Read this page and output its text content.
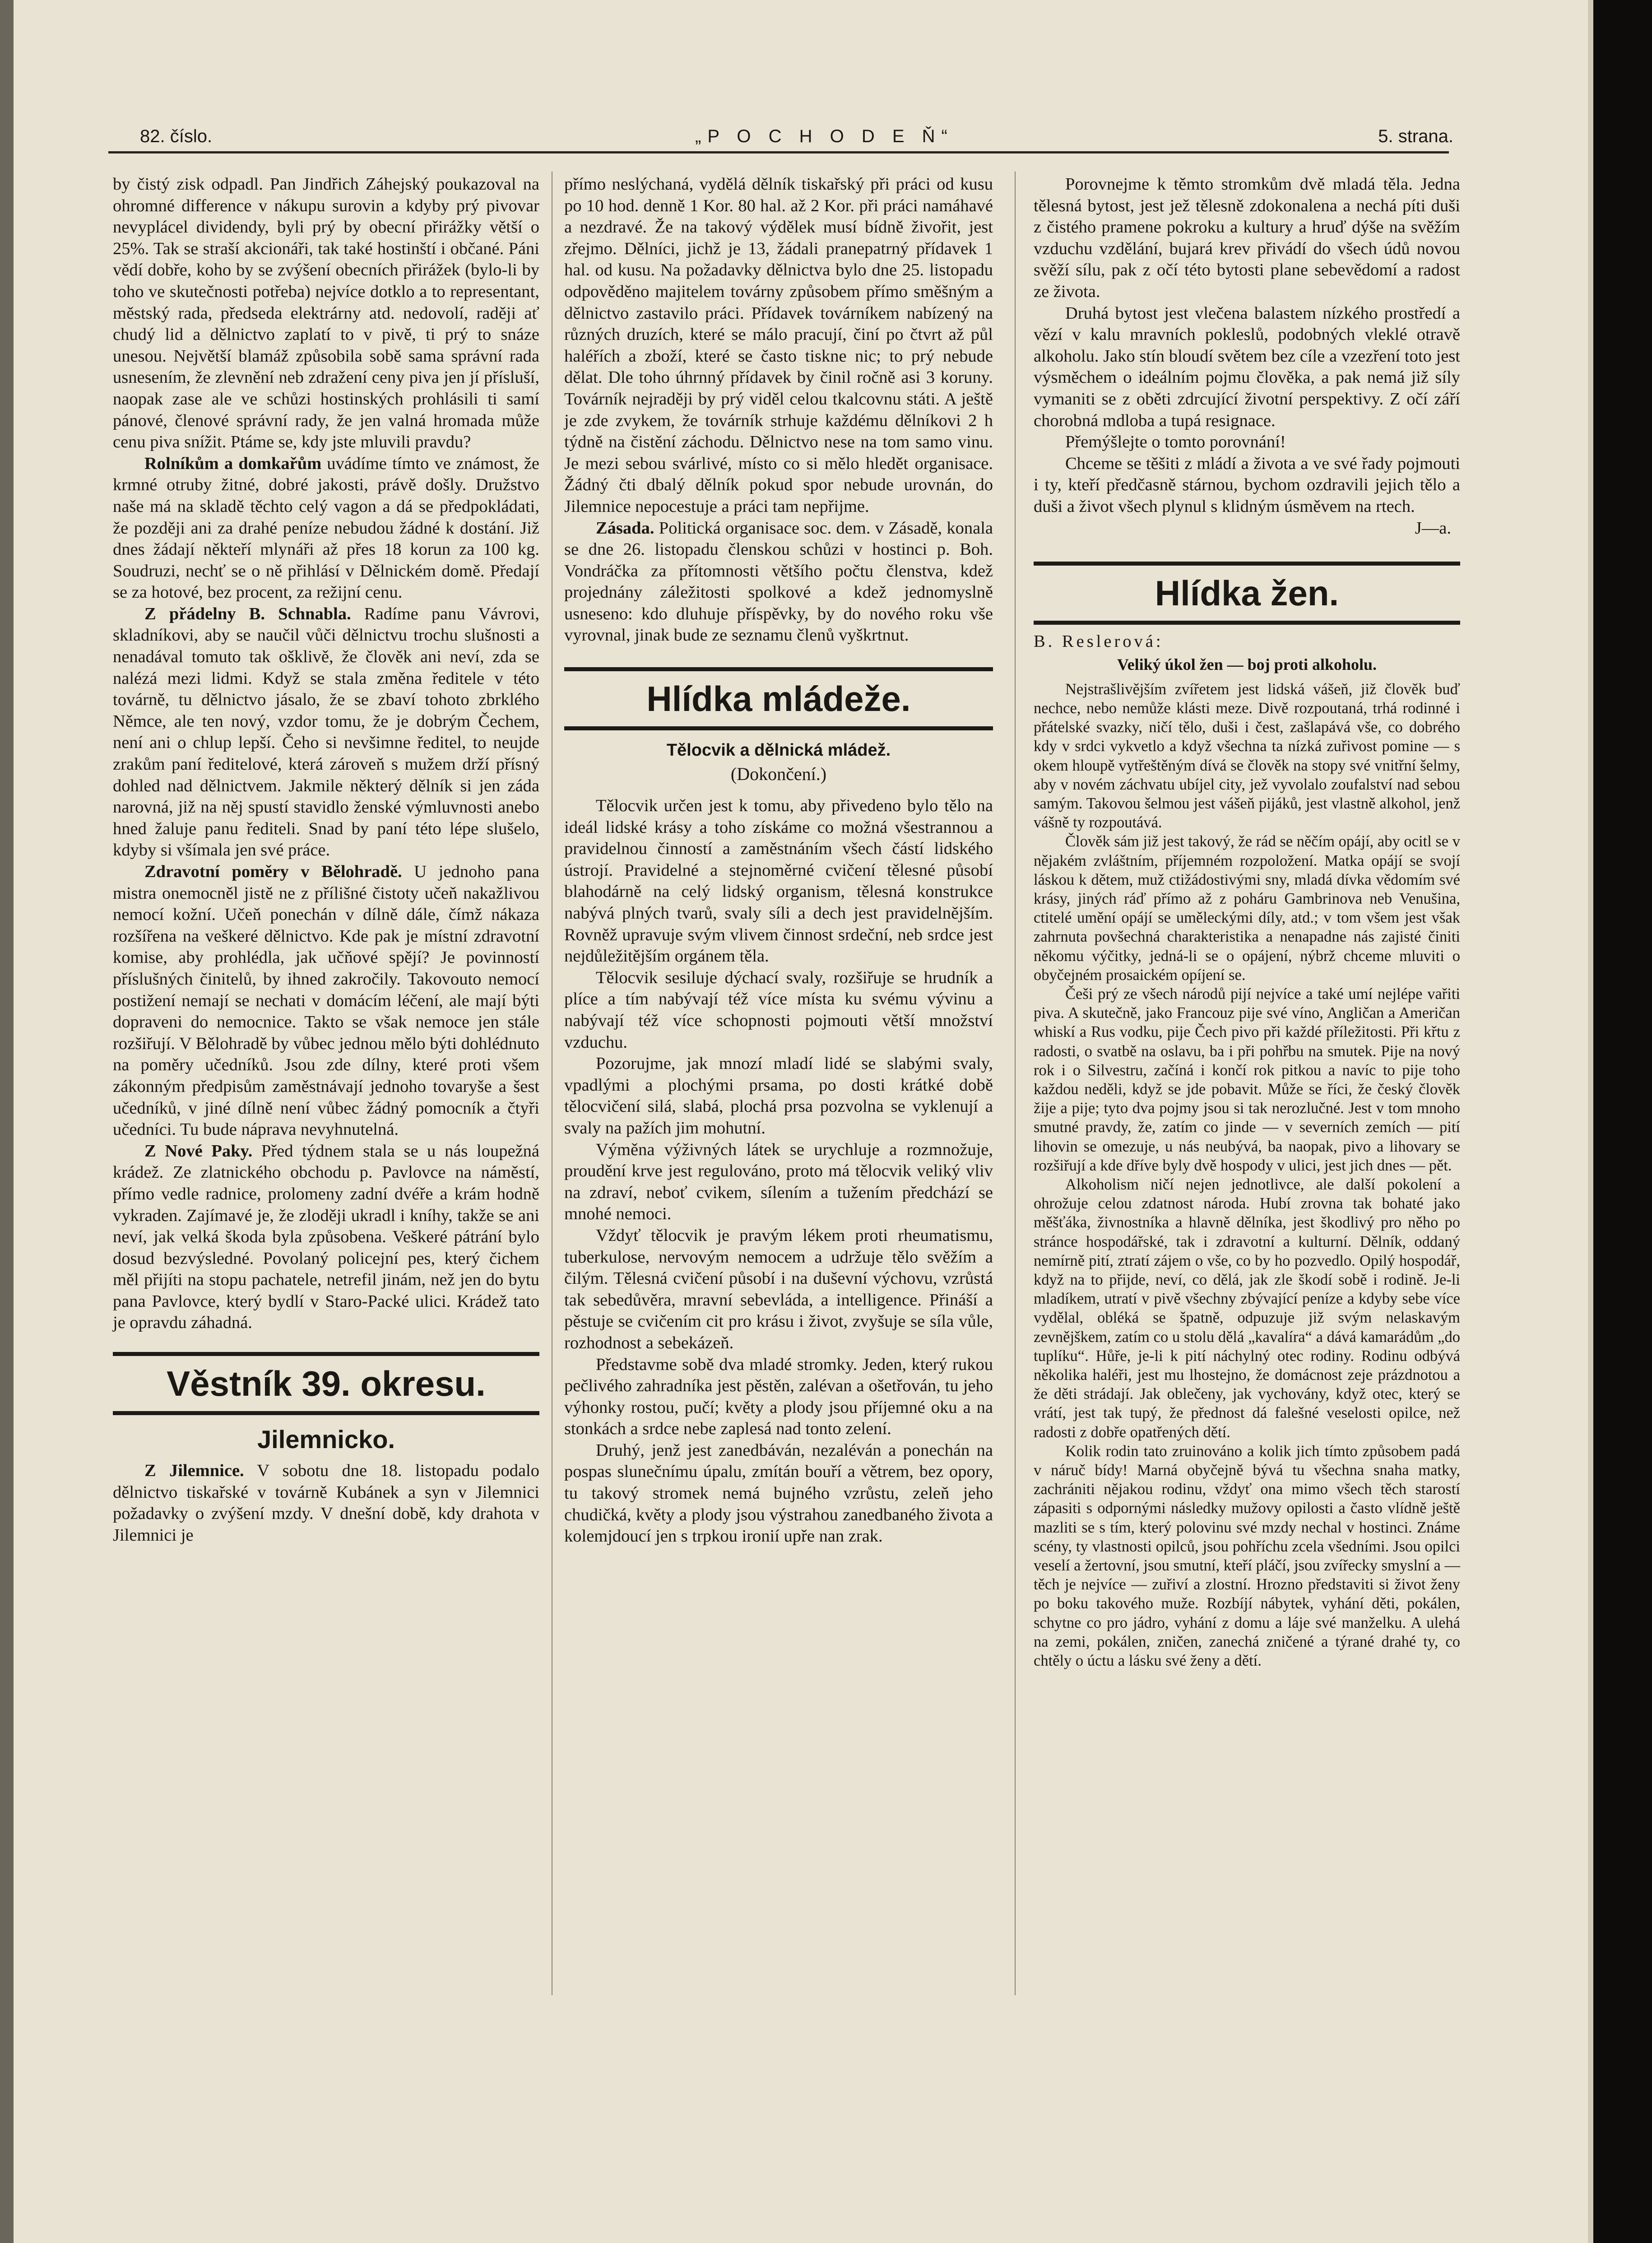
82. číslo.	„P O C H O D E Ň“	5. strana.

by čistý zisk odpadl. Pan Jindřich Záhejský poukazoval na ohromné difference v nákupu surovin a kdyby prý pivovar nevyplácel dividendy, byli prý by obecní přirážky větší o 25%. Tak se straší akcionáři, tak také hostinští i občané. Páni vědí dobře, koho by se zvýšení obecních přirážek (bylo-li by toho ve skutečnosti potřeba) nejvíce dotklo a to representant, městský rada, předseda elektrárny atd. nedovolí, raději ať chudý lid a dělnictvo zaplatí to v pivě, ti prý to snáze unesou. Největší blamáž způsobila sobě sama správní rada usnesením, že zlevnění neb zdražení ceny piva jen jí přísluší, naopak zase ale ve schůzi hostinských prohlásili ti samí pánové, členové správní rady, že jen valná hromada může cenu piva snížit. Ptáme se, kdy jste mluvili pravdu?

Rolníkům a domkařům uvádíme tímto ve známost, že krmné otruby žitné, dobré jakosti, právě došly. Družstvo naše má na skladě těchto celý vagon a dá se předpokládati, že později ani za drahé peníze nebudou žádné k dostání. Již dnes žádají někteří mlynáři až přes 18 korun za 100 kg. Soudruzi, nechť se o ně přihlásí v Dělnickém domě. Předají se za hotové, bez procent, za režijní cenu.

Z přádelny B. Schnabla. Radíme panu Vávrovi, skladníkovi, aby se naučil vůči dělnictvu trochu slušnosti a nenadával tomuto tak ošklivě, že člověk ani neví, zda se nalézá mezi lidmi. Když se stala změna ředitele v této továrně, tu dělnictvo jásalo, že se zbaví tohoto zbrklého Němce, ale ten nový, vzdor tomu, že je dobrým Čechem, není ani o chlup lepší. Čeho si nevšimne ředitel, to neujde zrakům paní ředitelové, která zároveň s mužem drží přísný dohled nad dělnictvem. Jakmile některý dělník si jen záda narovná, již na něj spustí stavidlo ženské výmluvnosti anebo hned žaluje panu řediteli. Snad by paní této lépe slušelo, kdyby si všímala jen své práce.

Zdravotní poměry v Bělohradě. U jednoho pana mistra onemocněl jistě ne z přílišné čistoty učeň nakažlivou nemocí kožní. Učeň ponechán v dílně dále, čímž nákaza rozšířena na veškeré dělnictvo. Kde pak je místní zdravotní komise, aby prohlédla, jak učňové spějí? Je povinností příslušných činitelů, by ihned zakročily. Takovouto nemocí postižení nemají se nechati v domácím léčení, ale mají býti dopraveni do nemocnice. Takto se však nemoce jen stále rozšiřují. V Bělohradě by vůbec jednou mělo býti dohlédnuto na poměry učedníků. Jsou zde dílny, které proti všem zákonným předpisům zaměstnávají jednoho tovaryše a šest učedníků, v jiné dílně není vůbec žádný pomocník a čtyři učedníci. Tu bude náprava nevyhnutelná.

Z Nové Paky. Před týdnem stala se u nás loupežná krádež. Ze zlatnického obchodu p. Pavlovce na náměstí, přímo vedle radnice, prolomeny zadní dvéře a krám hodně vykraden. Zajímavé je, že zloději ukradl i kníhy, takže se ani neví, jak velká škoda byla způsobena. Veškeré pátrání bylo dosud bezvýsledné. Povolaný policejní pes, který čichem měl přijíti na stopu pachatele, netrefil jinám, než jen do bytu pana Pavlovce, který bydlí v Staro-Packé ulici. Krádež tato je opravdu záhadná.

Věstník 39. okresu.
Jilemnicko.

Z Jilemnice. V sobotu dne 18. listopadu podalo dělnictvo tiskařské v továrně Kubánek a syn v Jilemnici požadavky o zvýšení mzdy. V dnešní době, kdy drahota v Jilemnici je

přímo neslýchaná, vydělá dělník tiskařský při práci od kusu po 10 hod. denně 1 Kor. 80 hal. až 2 Kor. při práci namáhavé a nezdravé. Že na takový výdělek musí bídně živořit, jest zřejmo. Dělníci, jichž je 13, žádali pranepatrný přídavek 1 hal. od kusu. Na požadavky dělnictva bylo dne 25. listopadu odpověděno majitelem továrny způsobem přímo směšným a dělnictvo zastavilo práci. Přídavek továrníkem nabízený na různých druzích, které se málo pracují, činí po čtvrt až půl haléřích a zboží, které se často tiskne nic; to prý nebude dělat. Dle toho úhrnný přídavek by činil ročně asi 3 koruny. Továrník nejraději by prý viděl celou tkalcovnu státi. A ještě je zde zvykem, že továrník strhuje každému dělníkovi 2 h týdně na čistění záchodu. Dělnictvo nese na tom samo vinu. Je mezi sebou svárlivé, místo co si mělo hledět organisace. Žádný čti dbalý dělník pokud spor nebude urovnán, do Jilemnice nepocestuje a práci tam nepřijme.

Zásada. Politická organisace soc. dem. v Zásadě, konala se dne 26. listopadu členskou schůzi v hostinci p. Boh. Vondráčka za přítomnosti většího počtu členstva, kdež projednány záležitosti spolkové a kdež jednomyslně usneseno: kdo dluhuje příspěvky, by do nového roku vše vyrovnal, jinak bude ze seznamu členů vyškrtnut.

Hlídka mládeže.
Tělocvik a dělnická mládež.
(Dokončení.)

Tělocvik určen jest k tomu, aby přivedeno bylo tělo na ideál lidské krásy a toho získáme co možná všestrannou a pravidelnou činností a zaměstnáním všech částí lidského ústrojí. Pravidelné a stejnoměrné cvičení tělesné působí blahodárně na celý lidský organism, tělesná konstrukce nabývá plných tvarů, svaly síli a dech jest pravidelnějším. Rovněž upravuje svým vlivem činnost srdeční, neb srdce jest nejdůležitějším orgánem těla.

Tělocvik sesiluje dýchací svaly, rozšiřuje se hrudník a plíce a tím nabývají též více místa ku svému vývinu a nabývají též více schopnosti pojmouti větší množství vzduchu.

Pozorujme, jak mnozí mladí lidé se slabými svaly, vpadlými a plochými prsama, po dosti krátké době tělocvičení silá, slabá, plochá prsa pozvolna se vyklenují a svaly na pažích jim mohutní.

Výměna výživných látek se urychluje a rozmnožuje, proudění krve jest regulováno, proto má tělocvik veliký vliv na zdraví, neboť cvikem, sílením a tužením předchází se mnohé nemoci.

Vždyť tělocvik je pravým lékem proti rheumatismu, tuberkulose, nervovým nemocem a udržuje tělo svěžím a čilým. Tělesná cvičení působí i na duševní výchovu, vzrůstá tak sebedůvěra, mravní sebevláda, a intelligence. Přináší a pěstuje se cvičením cit pro krásu i život, zvyšuje se síla vůle, rozhodnost a sebekázeň.

Představme sobě dva mladé stromky. Jeden, který rukou pečlivého zahradníka jest pěstěn, zalévan a ošetřován, tu jeho výhonky rostou, pučí; květy a plody jsou příjemné oku a na stonkách a srdce nebe zaplesá nad tonto zelení.

Druhý, jenž jest zanedbáván, nezaléván a ponechán na pospas slunečnímu úpalu, zmítán bouří a větrem, bez opory, tu takový stromek nemá bujného vzrůstu, zeleň jeho chudičká, květy a plody jsou výstrahou zanedbaného života a kolemjdoucí jen s trpkou ironií upře nan zrak.

Porovnejme k těmto stromkům dvě mladá těla. Jedna tělesná bytost, jest jež tělesně zdokonalena a nechá píti duši z čistého pramene pokroku a kultury a hruď dýše na svěžím vzduchu vzdělání, bujará krev přivádí do všech údů novou svěží sílu, pak z očí této bytosti plane sebevědomí a radost ze života.

Druhá bytost jest vlečena balastem nízkého prostředí a vězí v kalu mravních pokleslů, podobných vleklé otravě alkoholu. Jako stín bloudí světem bez cíle a vzezření toto jest výsměchem o ideálním pojmu člověka, a pak nemá již síly vymaniti se z oběti zdrcující životní perspektivy. Z očí září chorobná mdloba a tupá resignace.

Přemýšlejte o tomto porovnání!

Chceme se těšiti z mládí a života a ve své řady pojmouti i ty, kteří předčasně stárnou, bychom ozdravili jejich tělo a duši a život všech plynul s klidným úsměvem na rtech.

J—a.

Hlídka žen.

B. Reslerová:

Veliký úkol žen — boj proti alkoholu.

Nejstrašlivějším zvířetem jest lidská vášeň, již člověk buď nechce, nebo nemůže klásti meze. Divě rozpoutaná, trhá rodinné i přátelské svazky, ničí tělo, duši i čest, zašlapává vše, co dobrého kdy v srdci vykvetlo a když všechna ta nízká zuřivost pomine — s okem hloupě vytřeštěným dívá se člověk na stopy své vnitřní šelmy, aby v novém záchvatu ubíjel city, jež vyvolalo zoufalství nad sebou samým. Takovou šelmou jest vášeň pijáků, jest vlastně alkohol, jenž vášně ty rozpoutává.

Člověk sám již jest takový, že rád se něčím opájí, aby ocitl se v nějakém zvláštním, příjemném rozpoložení. Matka opájí se svojí láskou k dětem, muž ctižádostivými sny, mladá dívka vědomím své krásy, jiných ráď přímo až z poháru Gambrinova neb Venušina, ctitelé umění opájí se uměleckými díly, atd.; v tom všem jest však zahrnuta povšechná charakteristika a nenapadne nás zajisté činiti někomu výčitky, jedná-li se o opájení, nýbrž chceme mluviti o obyčejném prosaickém opíjení se.

Češi prý ze všech národů pijí nejvíce a také umí nejlépe vařiti piva. A skutečně, jako Francouz pije své víno, Angličan a Američan whiskí a Rus vodku, pije Čech pivo při každé příležitosti. Při křtu z radosti, o svatbě na oslavu, ba i při pohřbu na smutek. Pije na nový rok i o Silvestru, začíná i končí rok pitkou a navíc to pije toho každou neděli, když se jde pobavit. Může se říci, že český člověk žije a pije; tyto dva pojmy jsou si tak nerozlučné. Jest v tom mnoho smutné pravdy, že, zatím co jinde — v severních zemích — pití lihovin se omezuje, u nás neubývá, ba naopak, pivo a lihovary se rozšiřují a kde dříve byly dvě hospody v ulici, jest jich dnes — pět.

Alkoholism ničí nejen jednotlivce, ale další pokolení a ohrožuje celou zdatnost národa. Hubí zrovna tak bohaté jako měšťáka, živnostníka a hlavně dělníka, jest škodlivý pro něho po stránce hospodářské, tak i zdravotní a kulturní. Dělník, oddaný nemírně pití, ztratí zájem o vše, co by ho pozvedlo. Opilý hospodář, když na to přijde, neví, co dělá, jak zle škodí sobě i rodině. Je-li mladíkem, utratí v pivě všechny zbývající peníze a kdyby sebe více vydělal, obléká se špatně, odpuzuje již svým nelaskavým zevnějškem, zatím co u stolu dělá „kavalíra“ a dává kamarádům „do tuplíku“. Hůře, je-li k pití náchylný otec rodiny. Rodinu odbývá několika haléři, jest mu lhostejno, že domácnost zeje prázdnotou a že děti strádají. Jak oblečeny, jak vychovány, když otec, který se vrátí, jest tak tupý, že přednost dá falešné veselosti opilce, než radosti z dobře opatřených dětí.

Kolik rodin tato zruinováno a kolik jich tímto způsobem padá v náruč bídy! Marná obyčejně bývá tu všechna snaha matky, zachrániti nějakou rodinu, vždyť ona mimo všech těch starostí zápasiti s odpornými následky mužovy opilosti a často vlídně ještě mazliti se s tím, který polovinu své mzdy nechal v hostinci. Známe scény, ty vlastnosti opilců, jsou pohříchu zcela všedními. Jsou opilci veselí a žertovní, jsou smutní, kteří pláčí, jsou zvířecky smyslní a — těch je nejvíce — zuřiví a zlostní. Hrozno představiti si život ženy po boku takového muže. Rozbíjí nábytek, vyhání děti, pokálen, schytne co pro jádro, vyhání z domu a láje své manželku. A ulehá na zemi, pokálen, zničen, zanechá zničené a týrané drahé ty, co chtěly o úctu a lásku své ženy a dětí.
